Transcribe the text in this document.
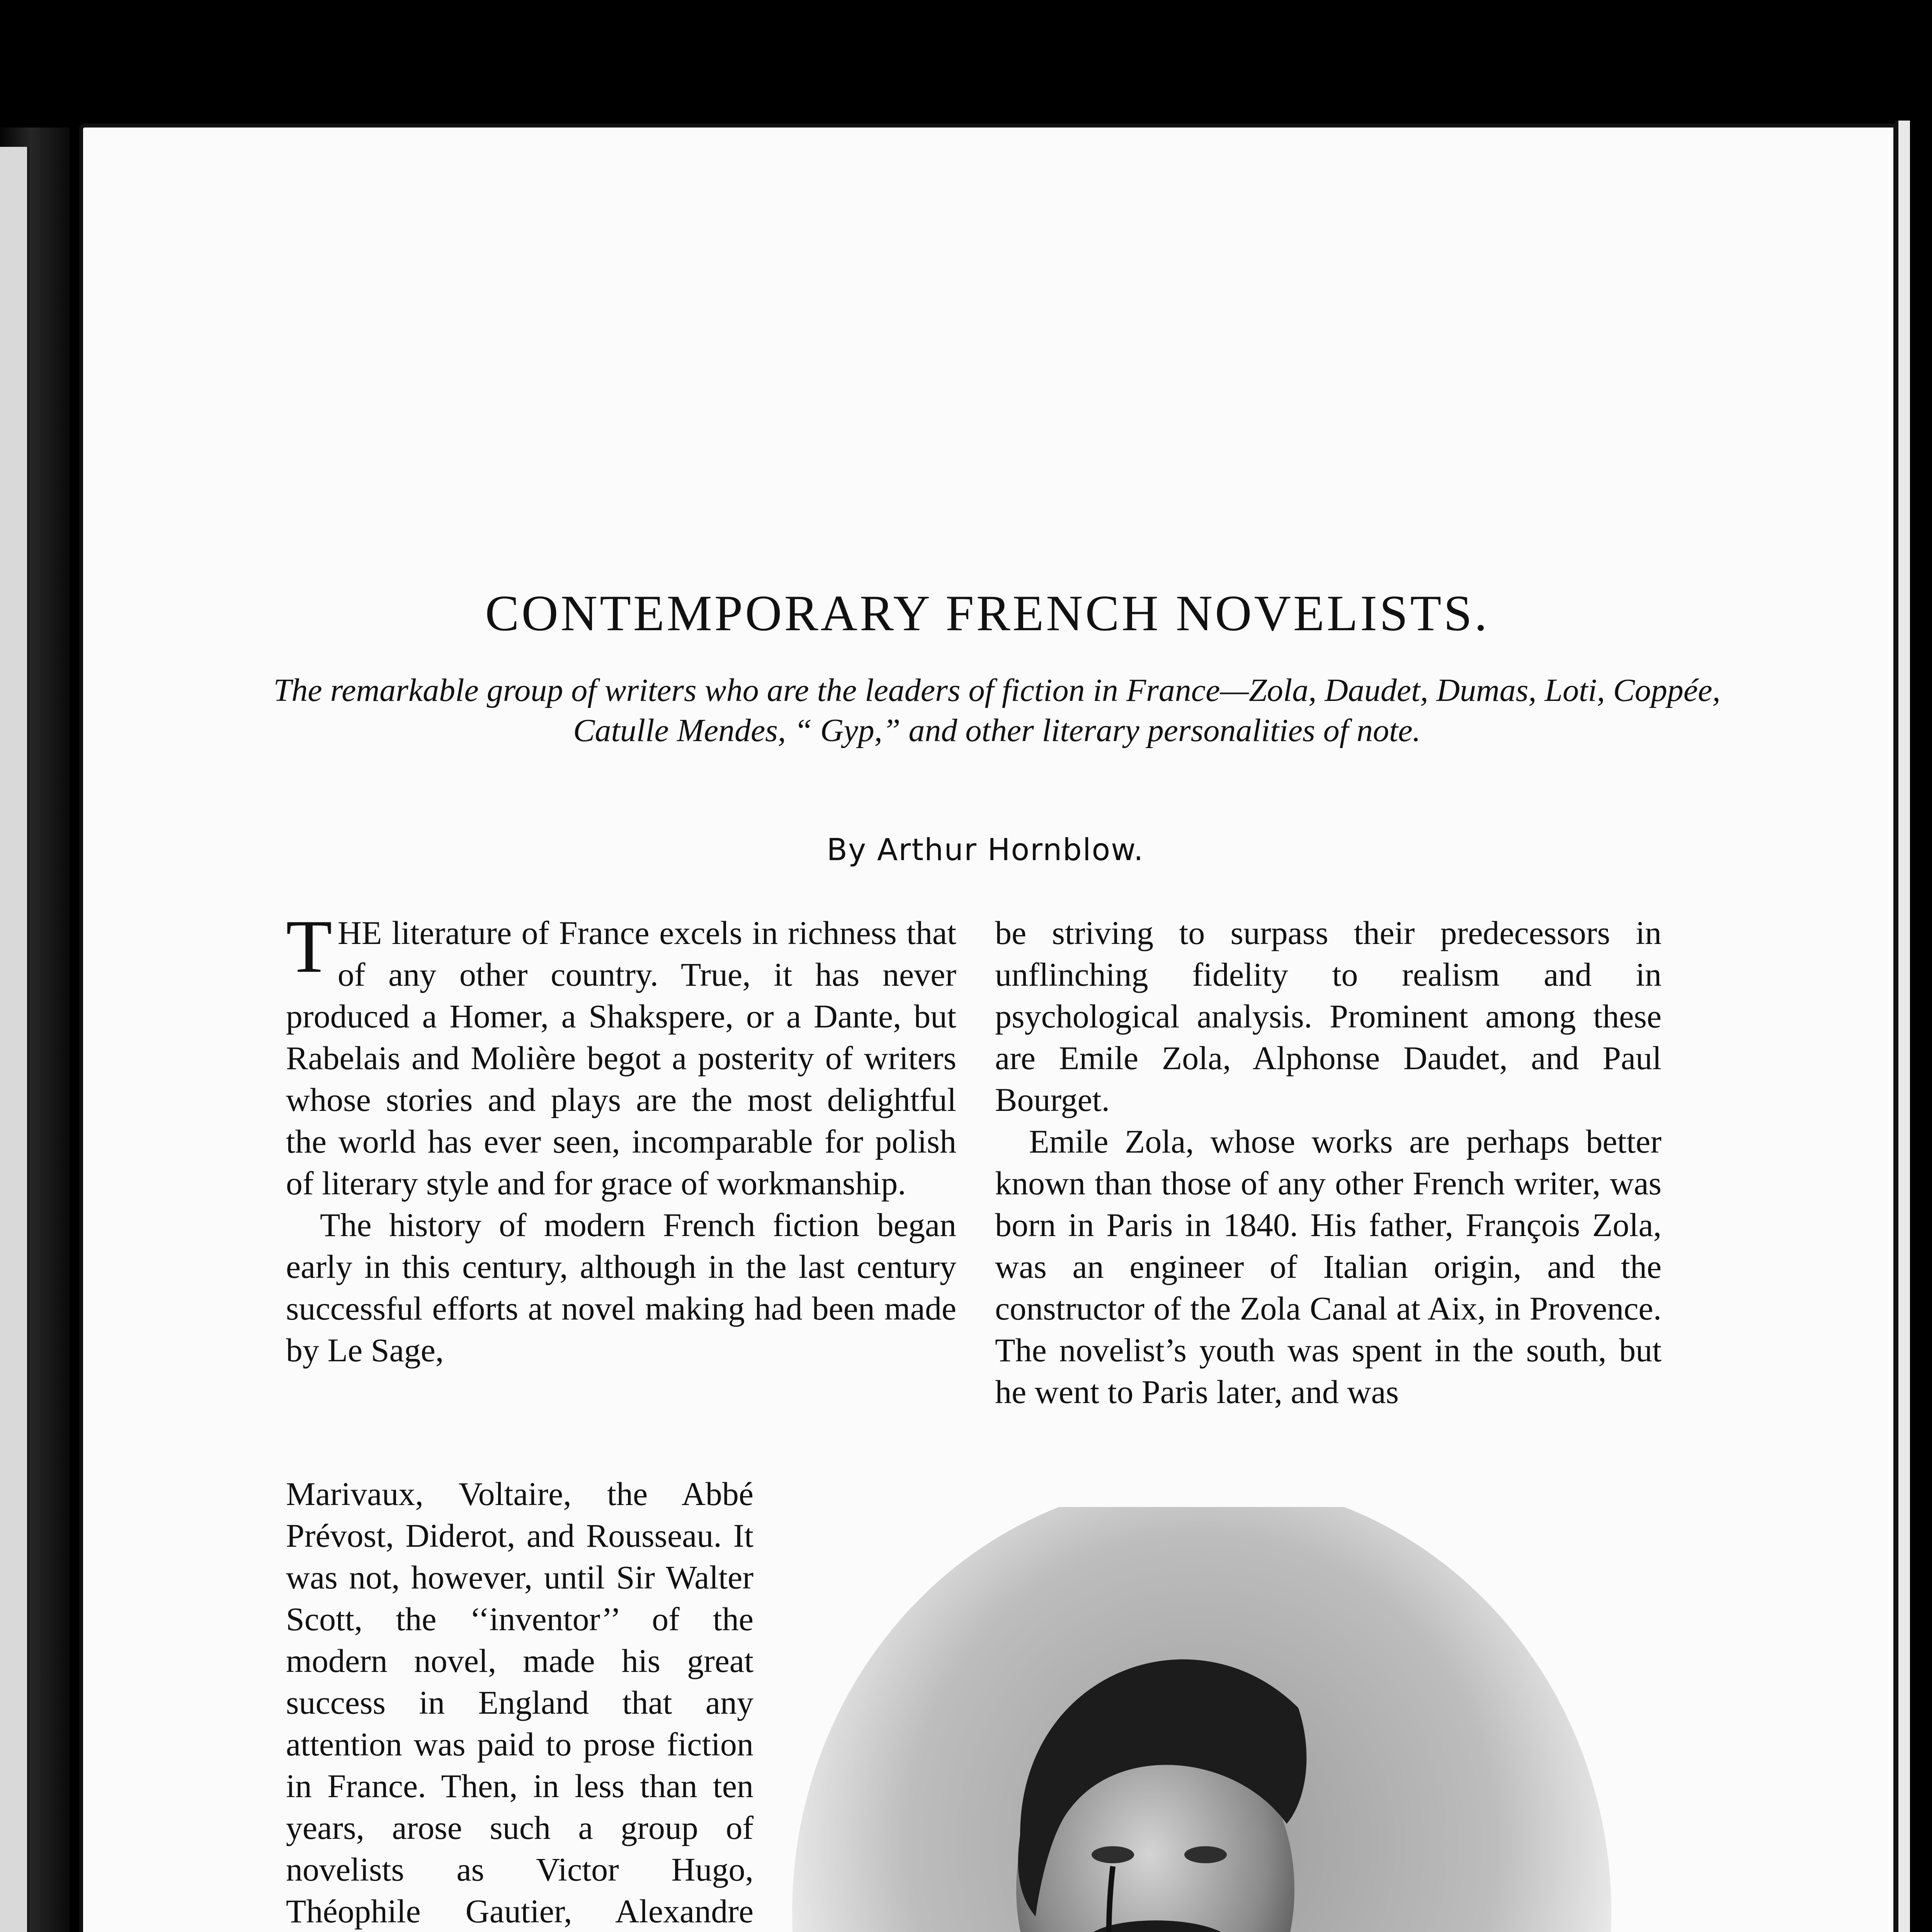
CONTEMPORARY FRENCH NOVELISTS.

The remarkable group of writers who are the leaders of fiction in France—Zola, Daudet, Dumas, Loti, Coppée, Catulle Mendes, “ Gyp,” and other literary personalities of note.

By Arthur Hornblow.

THE literature of France excels in richness that of any other country. True, it has never produced a Homer, a Shakspere, or a Dante, but Rabelais and Molière begot a posterity of writers whose stories and plays are the most delightful the world has ever seen, incomparable for polish of literary style and for grace of workmanship.

The history of modern French fiction began early in this century, although in the last century successful efforts at novel making had been made by Le Sage,

Marivaux, Voltaire, the Abbé Prévost, Diderot, and Rousseau. It was not, however, until Sir Walter Scott, the ‘‘inventor’’ of the modern novel, made his great success in England that any attention was paid to prose fiction in France. Then, in less than ten years, arose such a group of novelists as Victor Hugo, Théophile Gautier, Alexandre

be striving to surpass their predecessors in unflinching fidelity to realism and in psychological analysis. Prominent among these are Emile Zola, Alphonse Daudet, and Paul Bourget.

Emile Zola, whose works are perhaps better known than those of any other French writer, was born in Paris in 1840. His father, François Zola, was an engineer of Italian origin, and the constructor of the Zola Canal at Aix, in Provence. The novelist’s youth was spent in the south, but he went to Paris later, and was
